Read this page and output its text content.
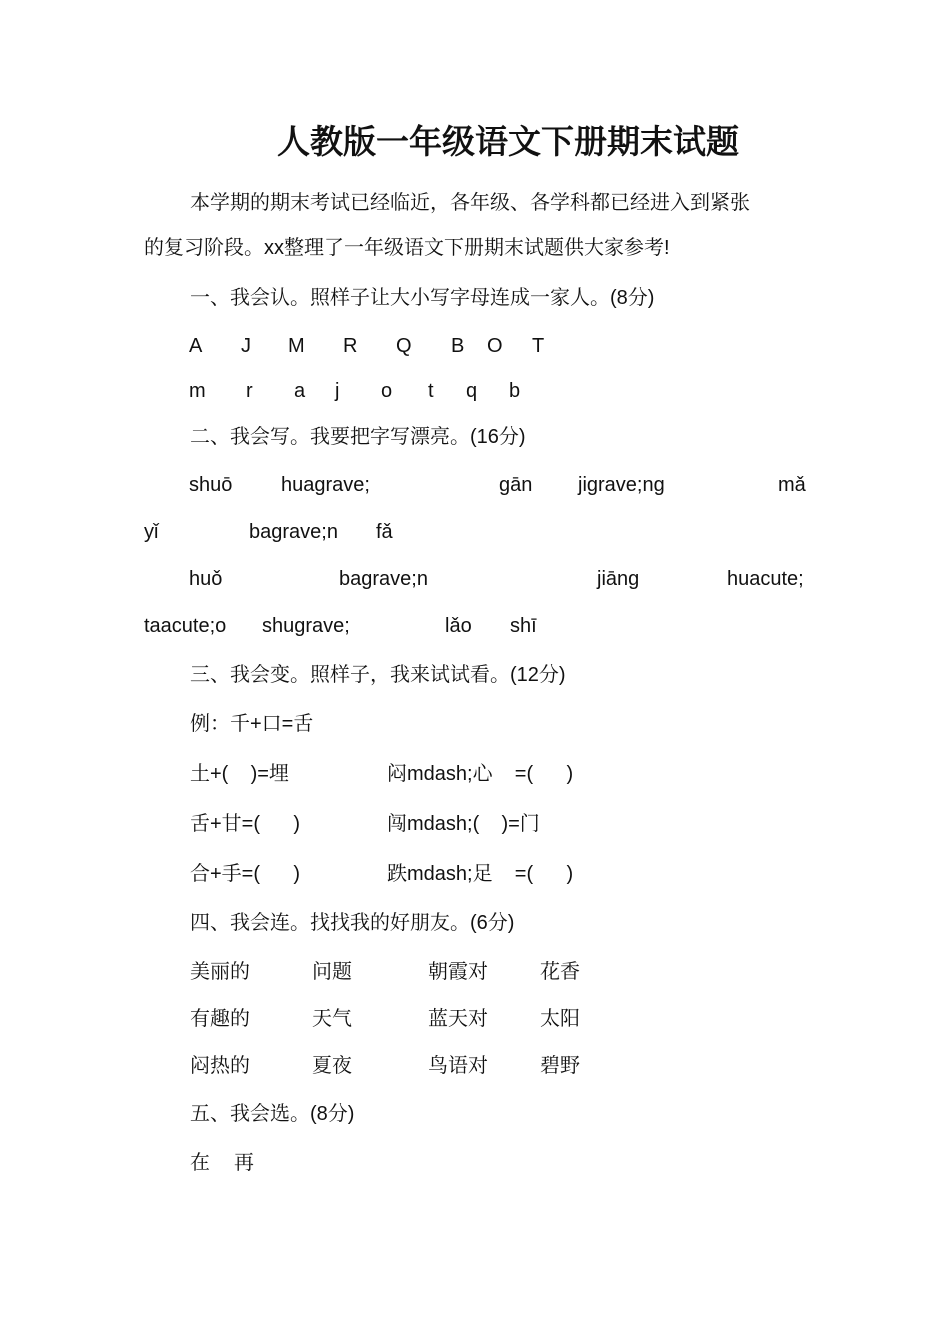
人教版一年级语文下册期末试题
本学期的期末考试已经临近，各年级、各学科都已经进入到紧张
的复习阶段。xx整理了一年级语文下册期末试题供大家参考!
一、我会认。照样子让大小写字母连成一家人。(8分)
A J M R Q B O T
m r a j o t q b
二、我会写。我要把字写漂亮。(16分)
shuō huagrave;	gān jigrave;ng	mǎ
yǐ	bagrave;n fǎ
huǒ	bagrave;n	jiāng	huacute;
taacute;o shugrave;	lǎo shī
三、我会变。照样子，我来试试看。(12分)
例：千+口=舌
土+(    )=埋	闷mdash;心    =(      )
舌+甘=(      )	闯mdash;(    )=门
合+手=(      )	跌mdash;足    =(      )
四、我会连。找找我的好朋友。(6分)
美丽的	问题	朝霞对	花香
有趣的	天气	蓝天对	太阳
闷热的	夏夜	鸟语对	碧野
五、我会选。(8分)
在 再
